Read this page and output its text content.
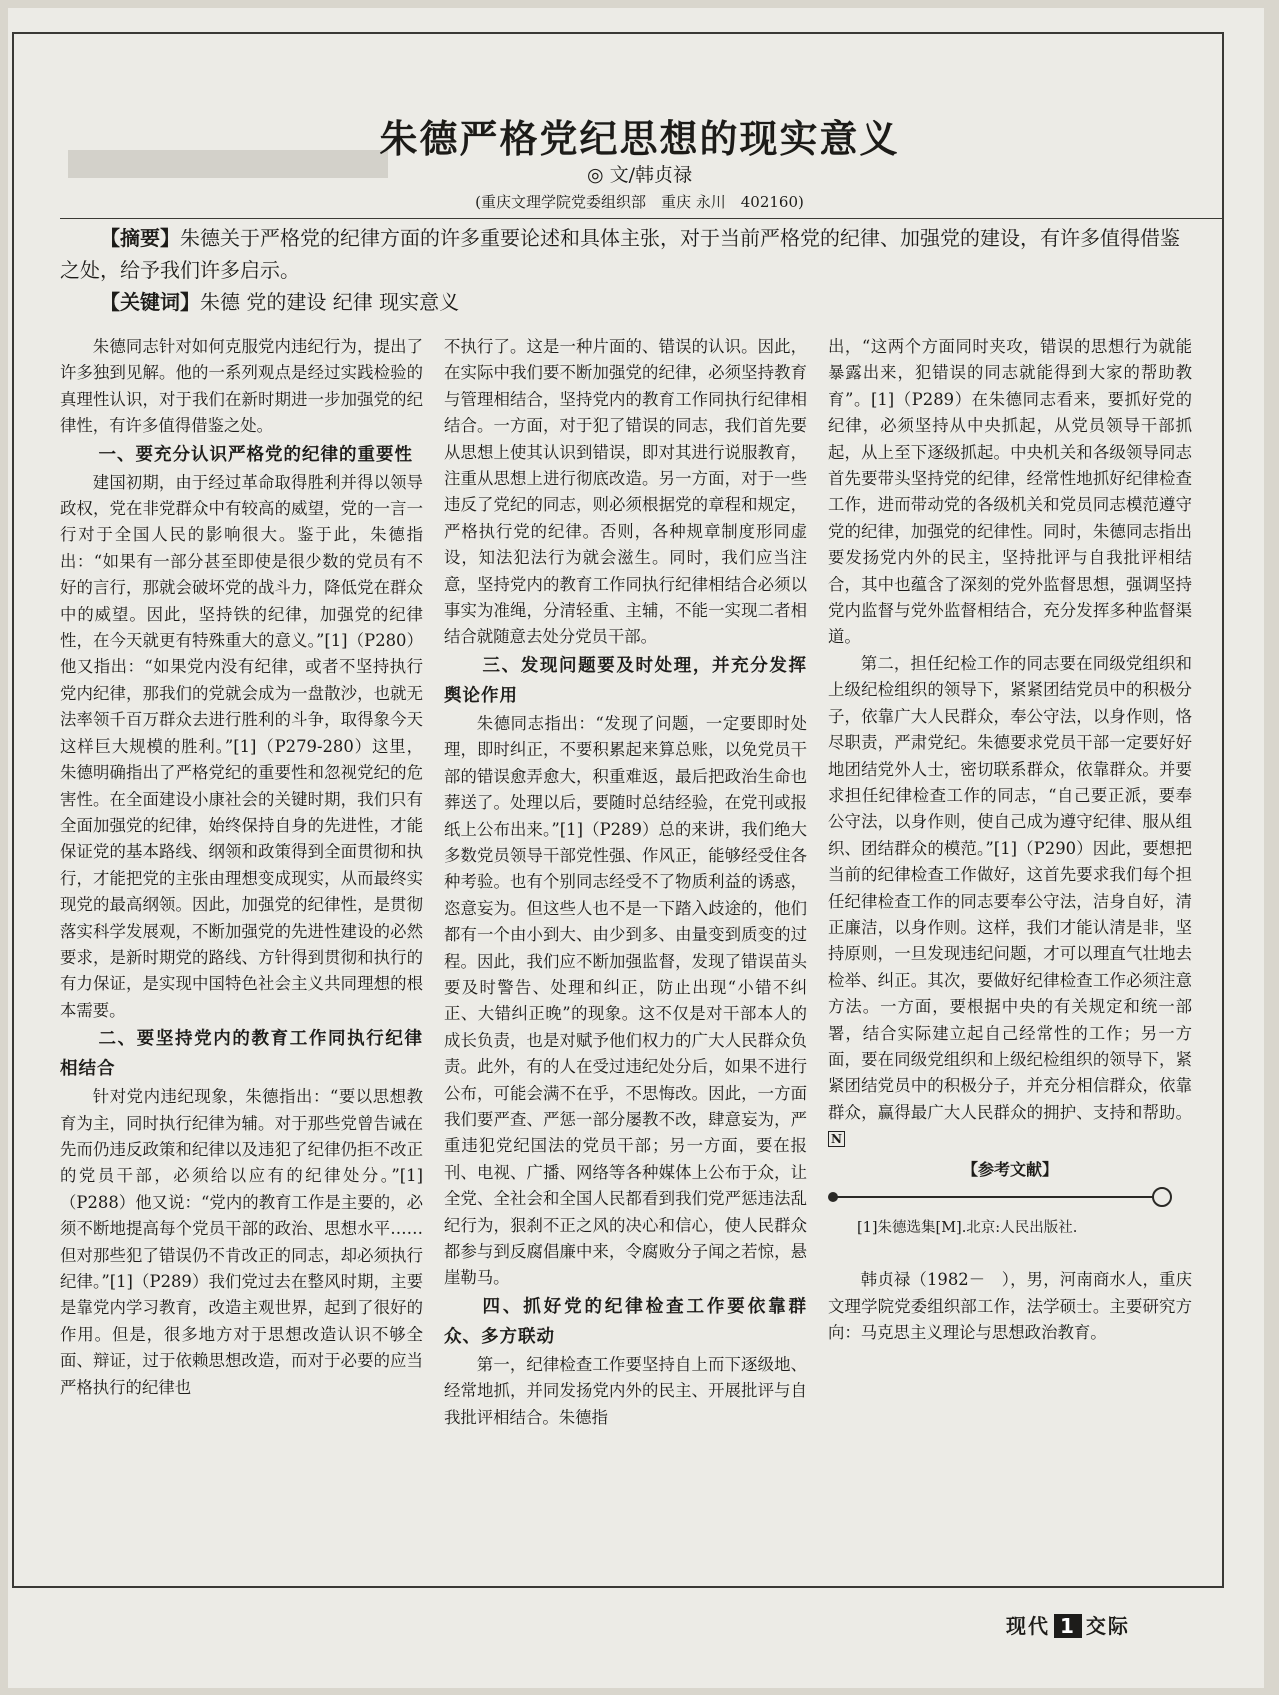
朱德严格党纪思想的现实意义
◎ 文/韩贞禄
(重庆文理学院党委组织部　重庆 永川　402160)

【摘要】朱德关于严格党的纪律方面的许多重要论述和具体主张，对于当前严格党的纪律、加强党的建设，有许多值得借鉴之处，给予我们许多启示。

【关键词】朱德 党的建设 纪律 现实意义

朱德同志针对如何克服党内违纪行为，提出了许多独到见解。他的一系列观点是经过实践检验的真理性认识，对于我们在新时期进一步加强党的纪律性，有许多值得借鉴之处。

一、要充分认识严格党的纪律的重要性

建国初期，由于经过革命取得胜利并得以领导政权，党在非党群众中有较高的威望，党的一言一行对于全国人民的影响很大。鉴于此，朱德指出：“如果有一部分甚至即使是很少数的党员有不好的言行，那就会破坏党的战斗力，降低党在群众中的威望。因此，坚持铁的纪律，加强党的纪律性，在今天就更有特殊重大的意义。”[1]（P280）他又指出：“如果党内没有纪律，或者不坚持执行党内纪律，那我们的党就会成为一盘散沙，也就无法率领千百万群众去进行胜利的斗争，取得象今天这样巨大规模的胜利。”[1]（P279-280）这里，朱德明确指出了严格党纪的重要性和忽视党纪的危害性。在全面建设小康社会的关键时期，我们只有全面加强党的纪律，始终保持自身的先进性，才能保证党的基本路线、纲领和政策得到全面贯彻和执行，才能把党的主张由理想变成现实，从而最终实现党的最高纲领。因此，加强党的纪律性，是贯彻落实科学发展观，不断加强党的先进性建设的必然要求，是新时期党的路线、方针得到贯彻和执行的有力保证，是实现中国特色社会主义共同理想的根本需要。

二、要坚持党内的教育工作同执行纪律相结合

针对党内违纪现象，朱德指出：“要以思想教育为主，同时执行纪律为辅。对于那些党曾告诫在先而仍违反政策和纪律以及违犯了纪律仍拒不改正的党员干部，必须给以应有的纪律处分。”[1]（P288）他又说：“党内的教育工作是主要的，必须不断地提高每个党员干部的政治、思想水平……但对那些犯了错误仍不肯改正的同志，却必须执行纪律。”[1]（P289）我们党过去在整风时期，主要是靠党内学习教育，改造主观世界，起到了很好的作用。但是，很多地方对于思想改造认识不够全面、辩证，过于依赖思想改造，而对于必要的应当严格执行的纪律也

不执行了。这是一种片面的、错误的认识。因此，在实际中我们要不断加强党的纪律，必须坚持教育与管理相结合，坚持党内的教育工作同执行纪律相结合。一方面，对于犯了错误的同志，我们首先要从思想上使其认识到错误，即对其进行说服教育，注重从思想上进行彻底改造。另一方面，对于一些违反了党纪的同志，则必须根据党的章程和规定，严格执行党的纪律。否则，各种规章制度形同虚设，知法犯法行为就会滋生。同时，我们应当注意，坚持党内的教育工作同执行纪律相结合必须以事实为准绳，分清轻重、主辅，不能一实现二者相结合就随意去处分党员干部。

三、发现问题要及时处理，并充分发挥舆论作用

朱德同志指出：“发现了问题，一定要即时处理，即时纠正，不要积累起来算总账，以免党员干部的错误愈弄愈大，积重难返，最后把政治生命也葬送了。处理以后，要随时总结经验，在党刊或报纸上公布出来。”[1]（P289）总的来讲，我们绝大多数党员领导干部党性强、作风正，能够经受住各种考验。也有个别同志经受不了物质利益的诱惑，恣意妄为。但这些人也不是一下踏入歧途的，他们都有一个由小到大、由少到多、由量变到质变的过程。因此，我们应不断加强监督，发现了错误苗头要及时警告、处理和纠正，防止出现“小错不纠正、大错纠正晚”的现象。这不仅是对干部本人的成长负责，也是对赋予他们权力的广大人民群众负责。此外，有的人在受过违纪处分后，如果不进行公布，可能会满不在乎，不思悔改。因此，一方面我们要严查、严惩一部分屡教不改，肆意妄为，严重违犯党纪国法的党员干部；另一方面，要在报刊、电视、广播、网络等各种媒体上公布于众，让全党、全社会和全国人民都看到我们党严惩违法乱纪行为，狠刹不正之风的决心和信心，使人民群众都参与到反腐倡廉中来，令腐败分子闻之若惊，悬崖勒马。

四、抓好党的纪律检查工作要依靠群众、多方联动

第一，纪律检查工作要坚持自上而下逐级地、经常地抓，并同发扬党内外的民主、开展批评与自我批评相结合。朱德指

出，“这两个方面同时夹攻，错误的思想行为就能暴露出来，犯错误的同志就能得到大家的帮助教育”。[1]（P289）在朱德同志看来，要抓好党的纪律，必须坚持从中央抓起，从党员领导干部抓起，从上至下逐级抓起。中央机关和各级领导同志首先要带头坚持党的纪律，经常性地抓好纪律检查工作，进而带动党的各级机关和党员同志模范遵守党的纪律，加强党的纪律性。同时，朱德同志指出要发扬党内外的民主，坚持批评与自我批评相结合，其中也蕴含了深刻的党外监督思想，强调坚持党内监督与党外监督相结合，充分发挥多种监督渠道。

第二，担任纪检工作的同志要在同级党组织和上级纪检组织的领导下，紧紧团结党员中的积极分子，依靠广大人民群众，奉公守法，以身作则，恪尽职责，严肃党纪。朱德要求党员干部一定要好好地团结党外人士，密切联系群众，依靠群众。并要求担任纪律检查工作的同志，“自己要正派，要奉公守法，以身作则，使自己成为遵守纪律、服从组织、团结群众的模范。”[1]（P290）因此，要想把当前的纪律检查工作做好，这首先要求我们每个担任纪律检查工作的同志要奉公守法，洁身自好，清正廉洁，以身作则。这样，我们才能认清是非，坚持原则，一旦发现违纪问题，才可以理直气壮地去检举、纠正。其次，要做好纪律检查工作必须注意方法。一方面，要根据中央的有关规定和统一部署，结合实际建立起自己经常性的工作；另一方面，要在同级党组织和上级纪检组织的领导下，紧紧团结党员中的积极分子，并充分相信群众，依靠群众，赢得最广大人民群众的拥护、支持和帮助。N

【参考文献】
[1]朱德选集[M].北京:人民出版社.

韩贞禄（1982－　），男，河南商水人，重庆文理学院党委组织部工作，法学硕士。主要研究方向：马克思主义理论与思想政治教育。

现代 1 交际
